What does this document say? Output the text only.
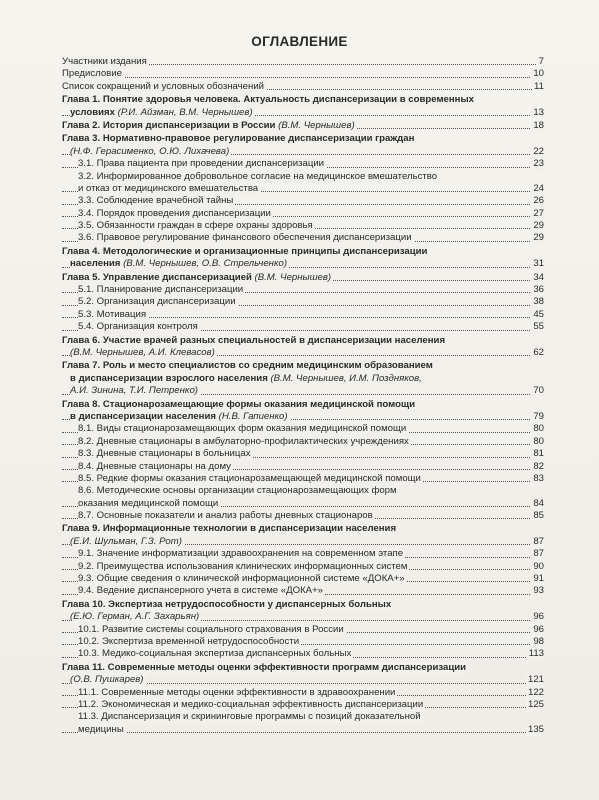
ОГЛАВЛЕНИЕ
Участники издания	7
Предисловие	10
Список сокращений и условных обозначений	11
Глава 1. Понятие здоровья человека. Актуальность диспансеризации в современных
условиях (Р.И. Айзман, В.М. Чернышев)	13
Глава 2. История диспансеризации в России (В.М. Чернышев)	18
Глава 3. Нормативно-правовое регулирование диспансеризации граждан
(Н.Ф. Герасименко, О.Ю. Лихачева)	22
3.1. Права пациента при проведении диспансеризации	23
3.2. Информированное добровольное согласие на медицинское вмешательство
и отказ от медицинского вмешательства	24
3.3. Соблюдение врачебной тайны	26
3.4. Порядок проведения диспансеризации	27
3.5. Обязанности граждан в сфере охраны здоровья	29
3.6. Правовое регулирование финансового обеспечения диспансеризации	29
Глава 4. Методологические и организационные принципы диспансеризации
населения (В.М. Чернышев, О.В. Стрельченко)	31
Глава 5. Управление диспансеризацией (В.М. Чернышев)	34
5.1. Планирование диспансеризации	36
5.2. Организация диспансеризации	38
5.3. Мотивация	45
5.4. Организация контроля	55
Глава 6. Участие врачей разных специальностей в диспансеризации населения
(В.М. Чернышев, А.И. Клевасов)	62
Глава 7. Роль и место специалистов со средним медицинским образованием
в диспансеризации взрослого населения (В.М. Чернышев, И.М. Поздняков,
А.И. Зинина, Т.И. Петренко)	70
Глава 8. Стационарозамещающие формы оказания медицинской помощи
в диспансеризации населения (Н.В. Гапиенко)	79
8.1. Виды стационарозамещающих форм оказания медицинской помощи	80
8.2. Дневные стационары в амбулаторно-профилактических учреждениях	80
8.3. Дневные стационары в больницах	81
8.4. Дневные стационары на дому	82
8.5. Редкие формы оказания стационарозамещающей медицинской помощи	83
8.6. Методические основы организации стационарозамещающих форм
оказания медицинской помощи	84
8.7. Основные показатели и анализ работы дневных стационаров	85
Глава 9. Информационные технологии в диспансеризации населения
(Е.И. Шульман, Г.З. Рот)	87
9.1. Значение информатизации здравоохранения на современном этапе	87
9.2. Преимущества использования клинических информационных систем	90
9.3. Общие сведения о клинической информационной системе «ДОКА+»	91
9.4. Ведение диспансерного учета в системе «ДОКА+»	93
Глава 10. Экспертиза нетрудоспособности у диспансерных больных
(Е.Ю. Герман, А.Г. Захарьян)	96
10.1. Развитие системы социального страхования в России	96
10.2. Экспертиза временной нетрудоспособности	98
10.3. Медико-социальная экспертиза диспансерных больных	113
Глава 11. Современные методы оценки эффективности программ диспансеризации
(О.В. Пушкарев)	121
11.1. Современные методы оценки эффективности в здравоохранении	122
11.2. Экономическая и медико-социальная эффективность диспансеризации	125
11.3. Диспансеризация и скрининговые программы с позиций доказательной
медицины	135
